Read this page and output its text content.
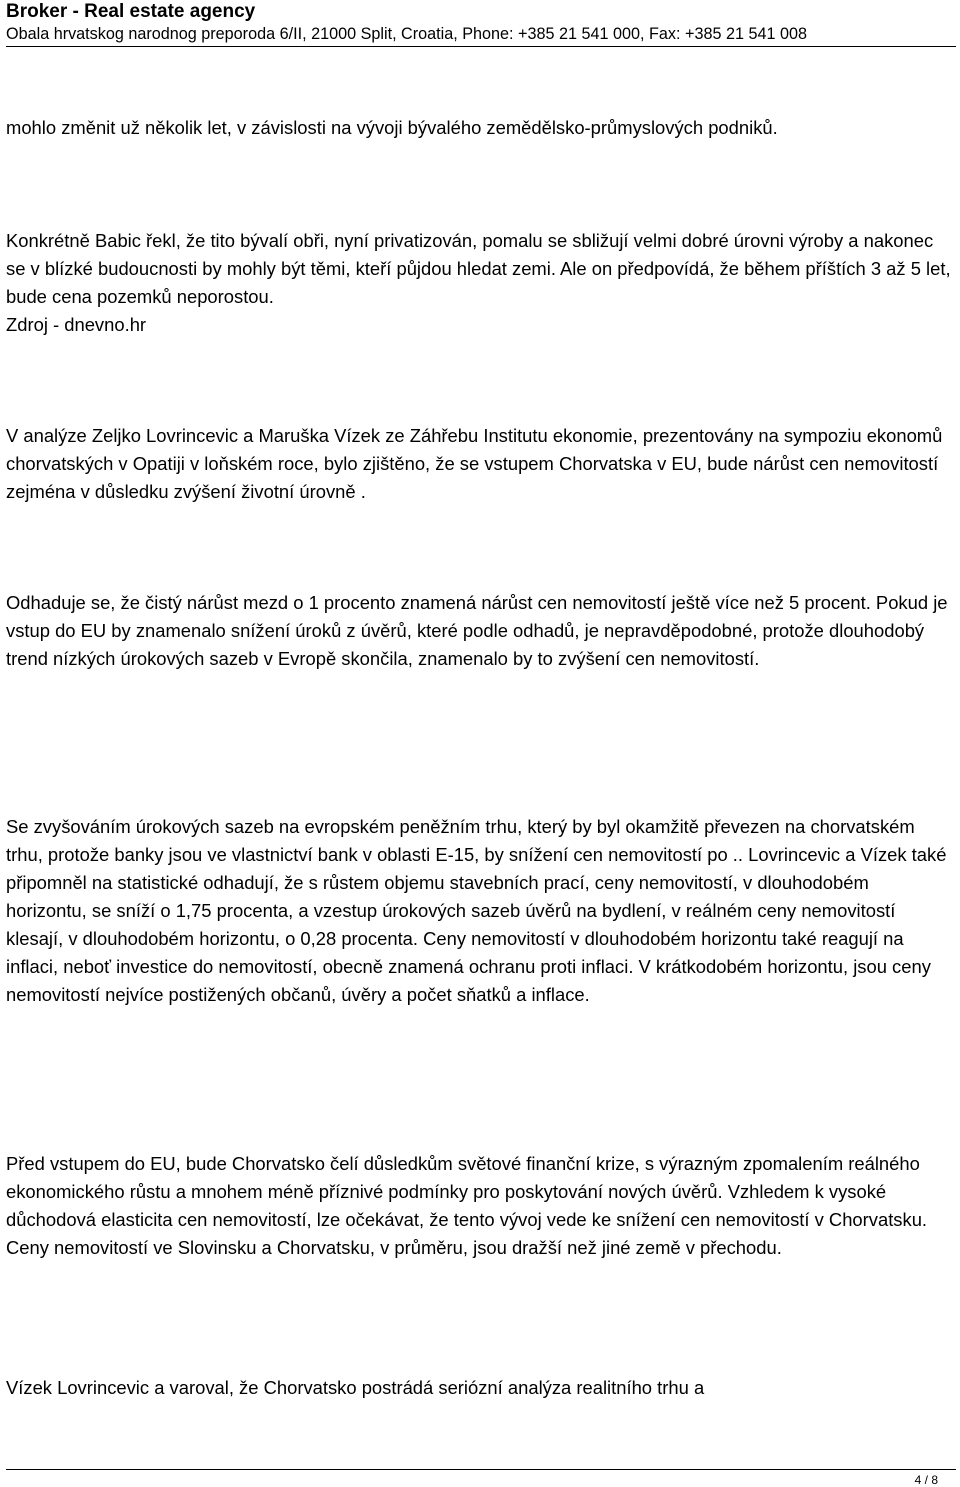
Broker - Real estate agency

Obala hrvatskog narodnog preporoda 6/II, 21000 Split, Croatia, Phone: +385 21 541 000, Fax: +385 21 541 008

mohlo změnit už několik let, v závislosti na vývoji bývalého zemědělsko-průmyslových podniků.

Konkrétně Babic řekl, že tito bývalí obři, nyní privatizován, pomalu se sbližují velmi dobré úrovni výroby a nakonec se v blízké budoucnosti by mohly být těmi, kteří půjdou hledat zemi. Ale on předpovídá, že během příštích 3 až 5 let, bude cena pozemků neporostou.
Zdroj - dnevno.hr

V analýze Zeljko Lovrincevic a Maruška Vízek ze Záhřebu Institutu ekonomie, prezentovány na sympoziu ekonomů chorvatských v Opatiji v loňském roce, bylo zjištěno, že se vstupem Chorvatska v EU, bude nárůst cen nemovitostí zejména v důsledku zvýšení životní úrovně .

Odhaduje se, že čistý nárůst mezd o 1 procento znamená nárůst cen nemovitostí ještě více než 5 procent. Pokud je vstup do EU by znamenalo snížení úroků z úvěrů, které podle odhadů, je nepravděpodobné, protože dlouhodobý trend nízkých úrokových sazeb v Evropě skončila, znamenalo by to zvýšení cen nemovitostí.

Se zvyšováním úrokových sazeb na evropském peněžním trhu, který by byl okamžitě převezen na chorvatském trhu, protože banky jsou ve vlastnictví bank v oblasti E-15, by snížení cen nemovitostí po .. Lovrincevic a Vízek také připomněl na statistické odhadují, že s růstem objemu stavebních prací, ceny nemovitostí, v dlouhodobém horizontu, se sníží o 1,75 procenta, a vzestup úrokových sazeb úvěrů na bydlení, v reálném ceny nemovitostí klesají, v dlouhodobém horizontu, o 0,28 procenta. Ceny nemovitostí v dlouhodobém horizontu také reagují na inflaci, neboť investice do nemovitostí, obecně znamená ochranu proti inflaci. V krátkodobém horizontu, jsou ceny nemovitostí nejvíce postižených občanů, úvěry a počet sňatků a inflace.

Před vstupem do EU, bude Chorvatsko čelí důsledkům světové finanční krize, s výrazným zpomalením reálného ekonomického růstu a mnohem méně příznivé podmínky pro poskytování nových úvěrů. Vzhledem k vysoké důchodová elasticita cen nemovitostí, lze očekávat, že tento vývoj vede ke snížení cen nemovitostí v Chorvatsku. Ceny nemovitostí ve Slovinsku a Chorvatsku, v průměru, jsou dražší než jiné země v přechodu.

Vízek Lovrincevic a varoval, že Chorvatsko postrádá seriózní analýza realitního trhu a

4 / 8
